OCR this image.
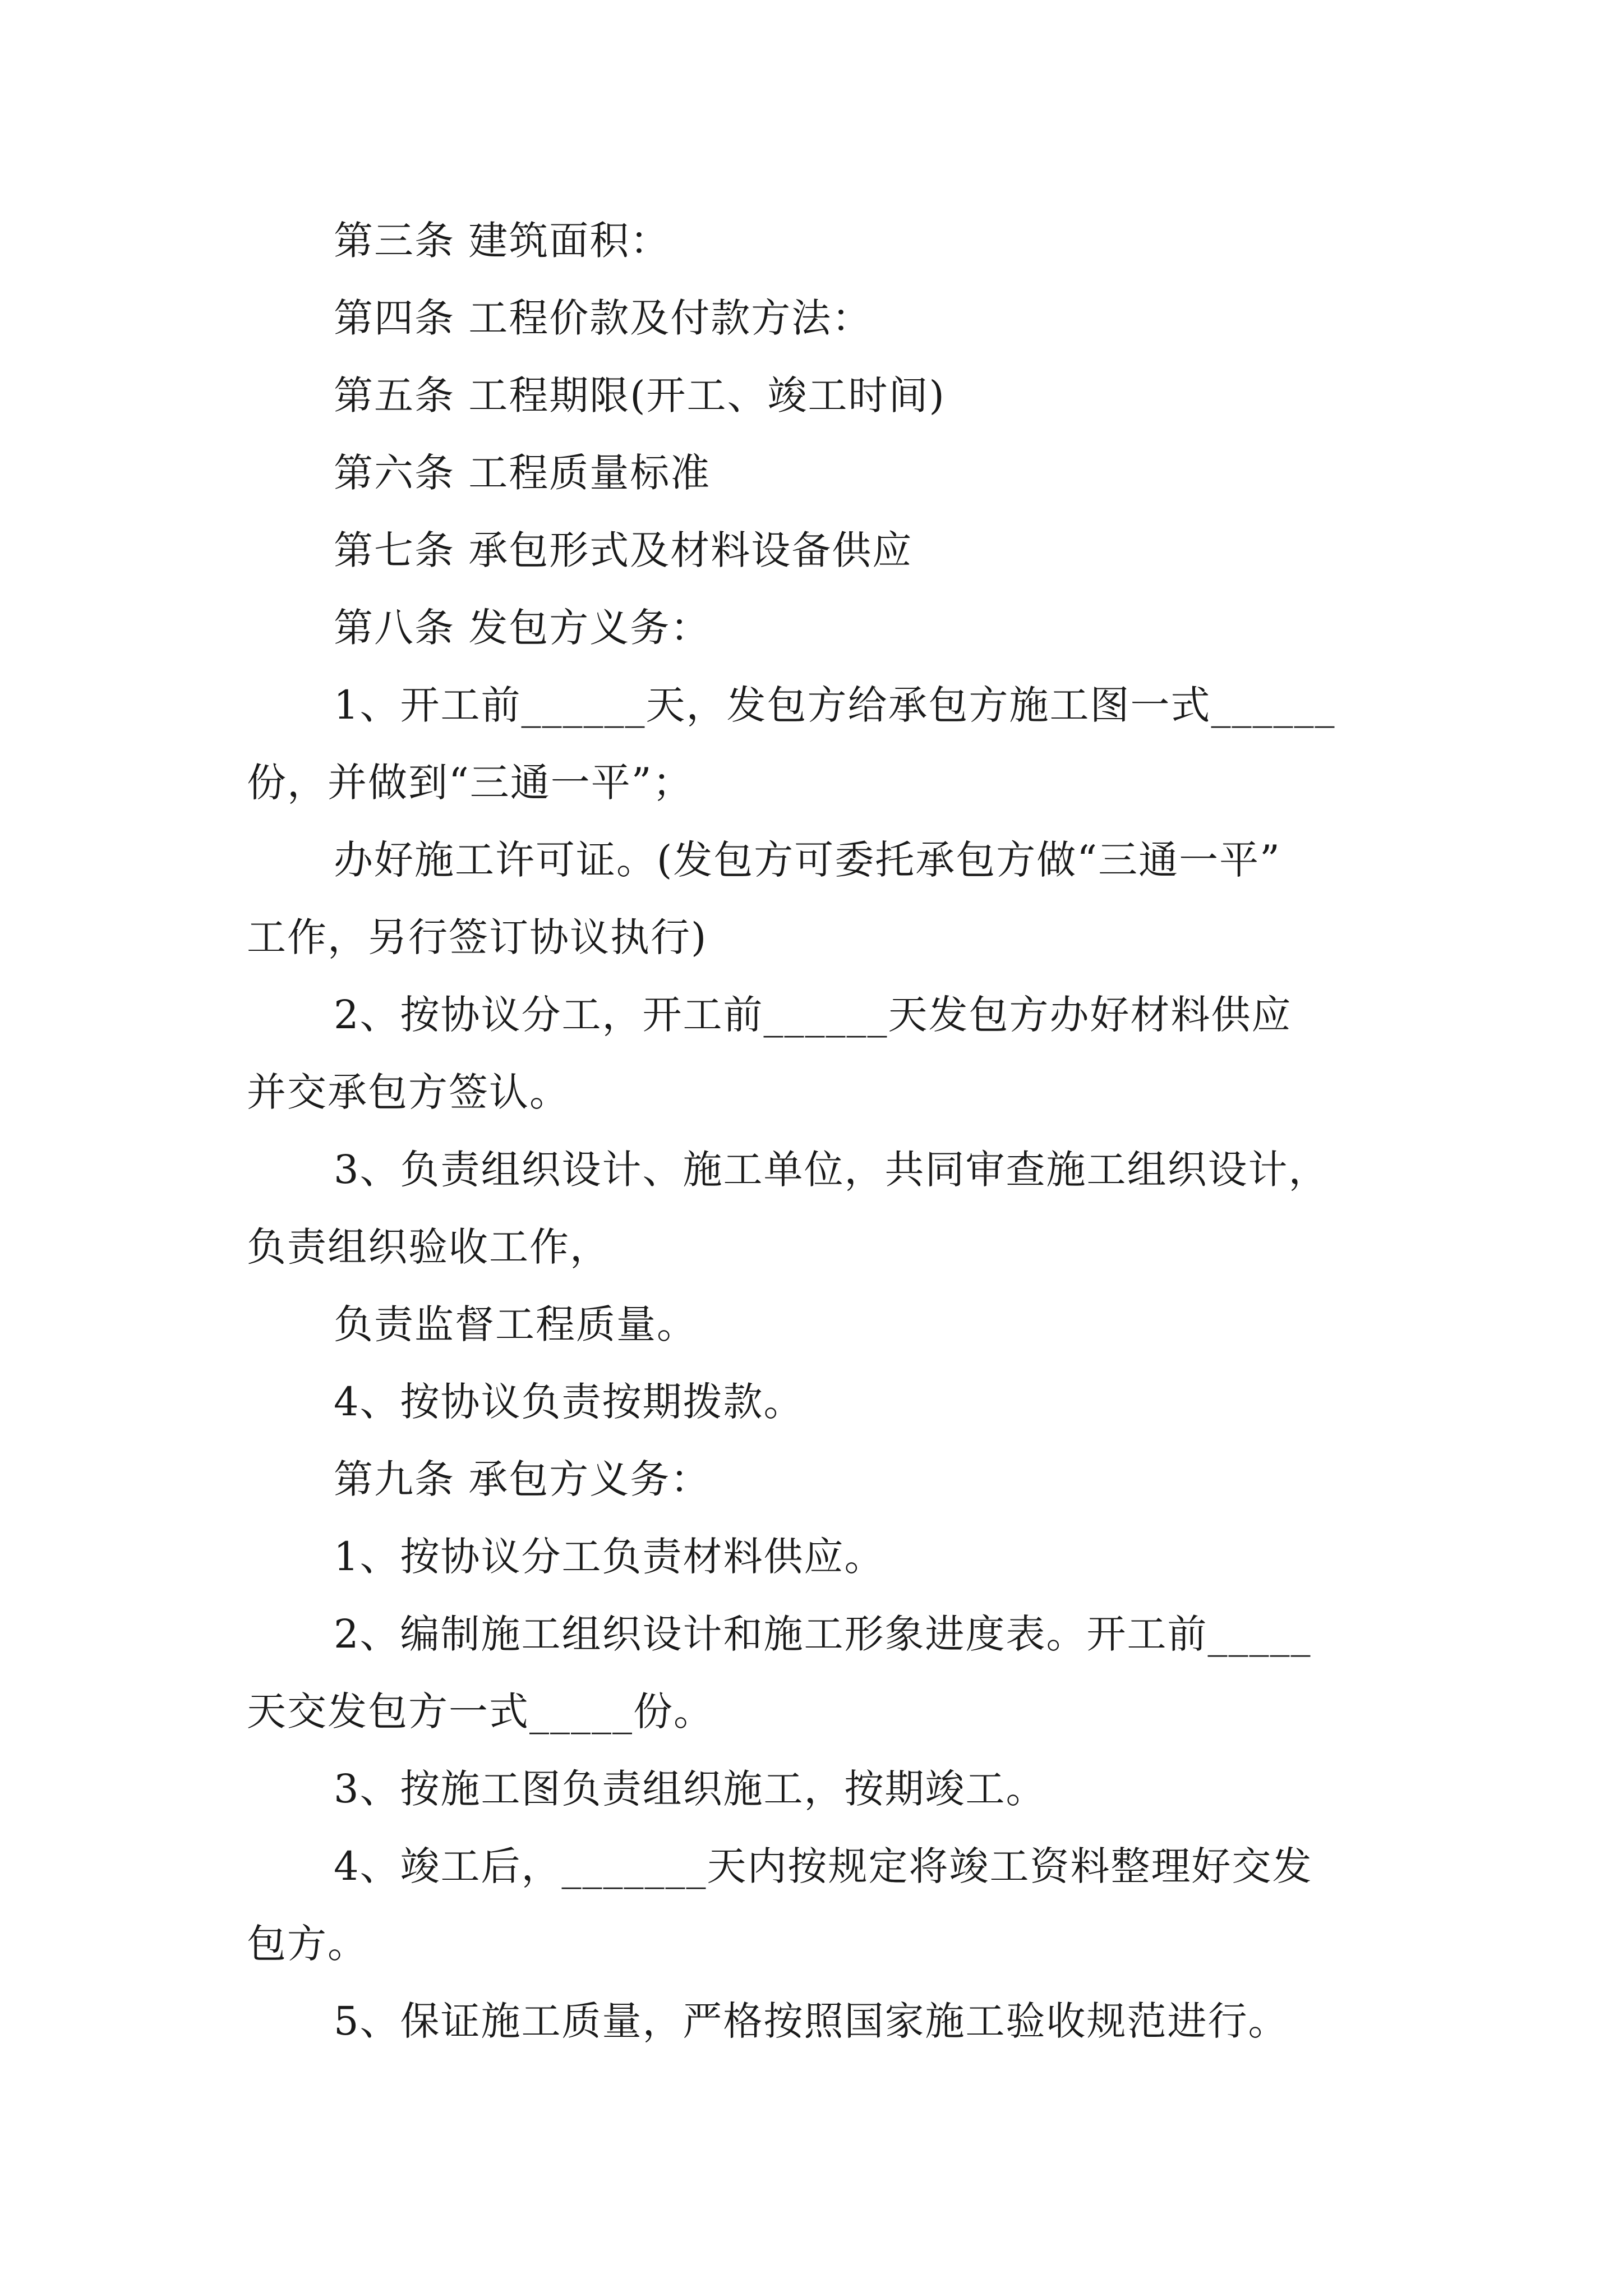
第三条 建筑面积：
第四条 工程价款及付款方法：
第五条 工程期限(开工、竣工时间)
第六条 工程质量标准
第七条 承包形式及材料设备供应
第八条 发包方义务：
1、开工前______天，发包方给承包方施工图一式______
份，并做到“三通一平”；
办好施工许可证。(发包方可委托承包方做“三通一平”
工作，另行签订协议执行)
2、按协议分工，开工前______天发包方办好材料供应
并交承包方签认。
3、负责组织设计、施工单位，共同审查施工组织设计，
负责组织验收工作，
负责监督工程质量。
4、按协议负责按期拨款。
第九条 承包方义务：
1、按协议分工负责材料供应。
2、编制施工组织设计和施工形象进度表。开工前_____
天交发包方一式_____份。
3、按施工图负责组织施工，按期竣工。
4、竣工后，_______天内按规定将竣工资料整理好交发
包方。
5、保证施工质量，严格按照国家施工验收规范进行。
